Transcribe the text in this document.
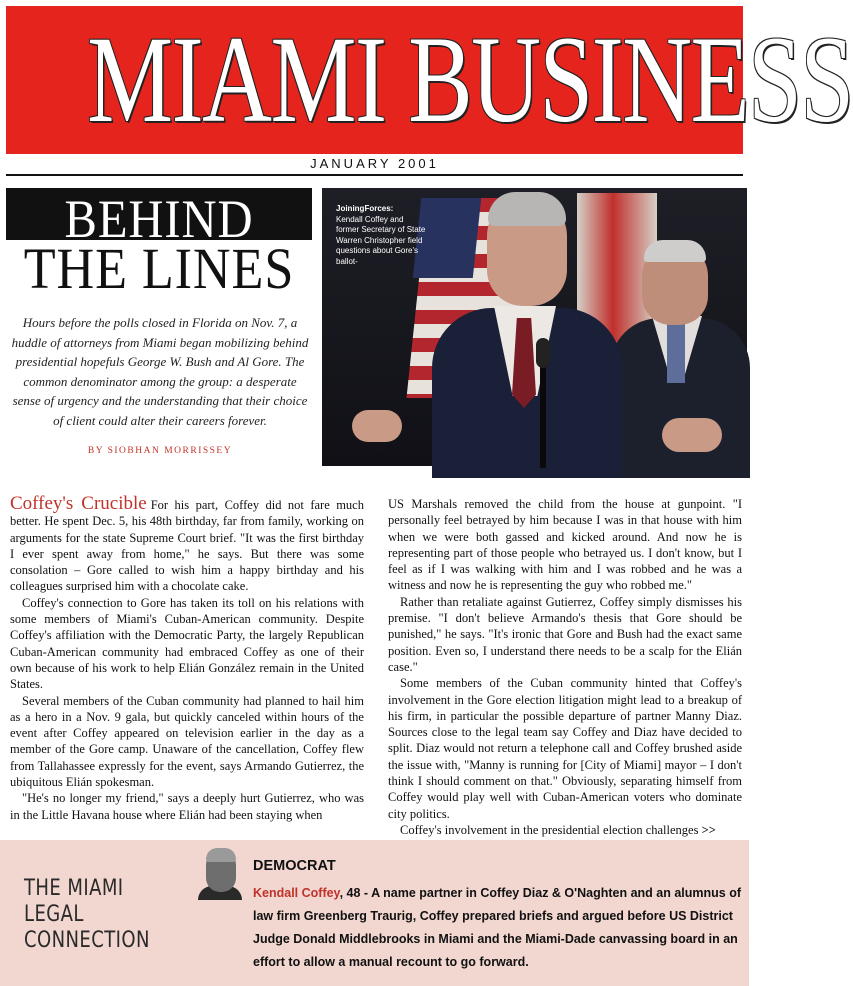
MIAMI BUSINESS
JANUARY 2001
BEHIND
THE LINES
Hours before the polls closed in Florida on Nov. 7, a huddle of attorneys from Miami began mobilizing behind presidential hopefuls George W. Bush and Al Gore. The common denominator among the group: a desperate sense of urgency and the understanding that their choice of client could alter their careers forever.
BY SIOBHAN MORRISSEY
JoiningForces:
Kendall Coffey and former Secretary of State Warren Christopher field questions about Gore's ballot-

Coffey's Crucible For his part, Coffey did not fare much better. He spent Dec. 5, his 48th birthday, far from family, working on arguments for the state Supreme Court brief. "It was the first birthday I ever spent away from home," he says. But there was some consolation – Gore called to wish him a happy birthday and his colleagues surprised him with a chocolate cake.

Coffey's connection to Gore has taken its toll on his relations with some members of Miami's Cuban-American community. Despite Coffey's affiliation with the Democratic Party, the largely Republican Cuban-American community had embraced Coffey as one of their own because of his work to help Elián González remain in the United States.

Several members of the Cuban community had planned to hail him as a hero in a Nov. 9 gala, but quickly canceled within hours of the event after Coffey appeared on television earlier in the day as a member of the Gore camp. Unaware of the cancellation, Coffey flew from Tallahassee expressly for the event, says Armando Gutierrez, the ubiquitous Elián spokesman.

"He's no longer my friend," says a deeply hurt Gutierrez, who was in the Little Havana house where Elián had been staying when

US Marshals removed the child from the house at gunpoint. "I personally feel betrayed by him because I was in that house with him when we were both gassed and kicked around. And now he is representing part of those people who betrayed us. I don't know, but I feel as if I was walking with him and I was robbed and he was a witness and now he is representing the guy who robbed me."

Rather than retaliate against Gutierrez, Coffey simply dismisses his premise. "I don't believe Armando's thesis that Gore should be punished," he says. "It's ironic that Gore and Bush had the exact same position. Even so, I understand there needs to be a scalp for the Elián case."

Some members of the Cuban community hinted that Coffey's involvement in the Gore election litigation might lead to a breakup of his firm, in particular the possible departure of partner Manny Diaz. Sources close to the legal team say Coffey and Diaz have decided to split. Diaz would not return a telephone call and Coffey brushed aside the issue with, "Manny is running for [City of Miami] mayor – I don't think I should comment on that." Obviously, separating himself from Coffey would play well with Cuban-American voters who dominate city politics.

Coffey's involvement in the presidential election challenges >>

THE MIAMI LEGAL
CONNECTION
DEMOCRAT
Kendall Coffey, 48 - A name partner in Coffey Diaz & O'Naghten and an alumnus of law firm Greenberg Traurig, Coffey prepared briefs and argued before US District Judge Donald Middlebrooks in Miami and the Miami-Dade canvassing board in an effort to allow a manual recount to go forward.
